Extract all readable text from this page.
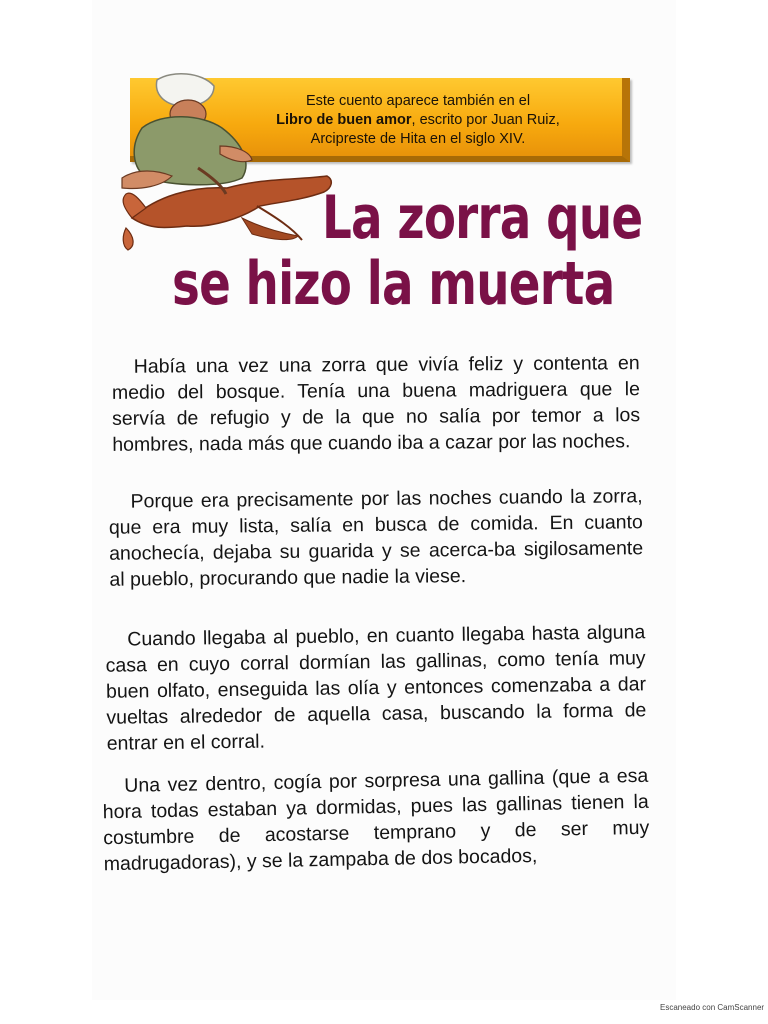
Este cuento aparece también en el
Libro de buen amor, escrito por Juan Ruiz,
Arcipreste de Hita en el siglo XIV.
La zorra que
se hizo la muerta

Había una vez una zorra que vivía feliz y contenta en medio del bosque. Tenía una buena madriguera que le servía de refugio y de la que no salía por temor a los hombres, nada más que cuando iba a cazar por las noches.

Porque era precisamente por las noches cuando la zorra, que era muy lista, salía en busca de comida. En cuanto anochecía, dejaba su guarida y se acerca-ba sigilosamente al pueblo, procurando que nadie la viese.

Cuando llegaba al pueblo, en cuanto llegaba hasta alguna casa en cuyo corral dormían las gallinas, como tenía muy buen olfato, enseguida las olía y entonces comenzaba a dar vueltas alrededor de aquella casa, buscando la forma de entrar en el corral.

Una vez dentro, cogía por sorpresa una gallina (que a esa hora todas estaban ya dormidas, pues las gallinas tienen la costumbre de acostarse temprano y de ser muy madrugadoras), y se la zampaba de dos bocados,

Escaneado con CamScanner
